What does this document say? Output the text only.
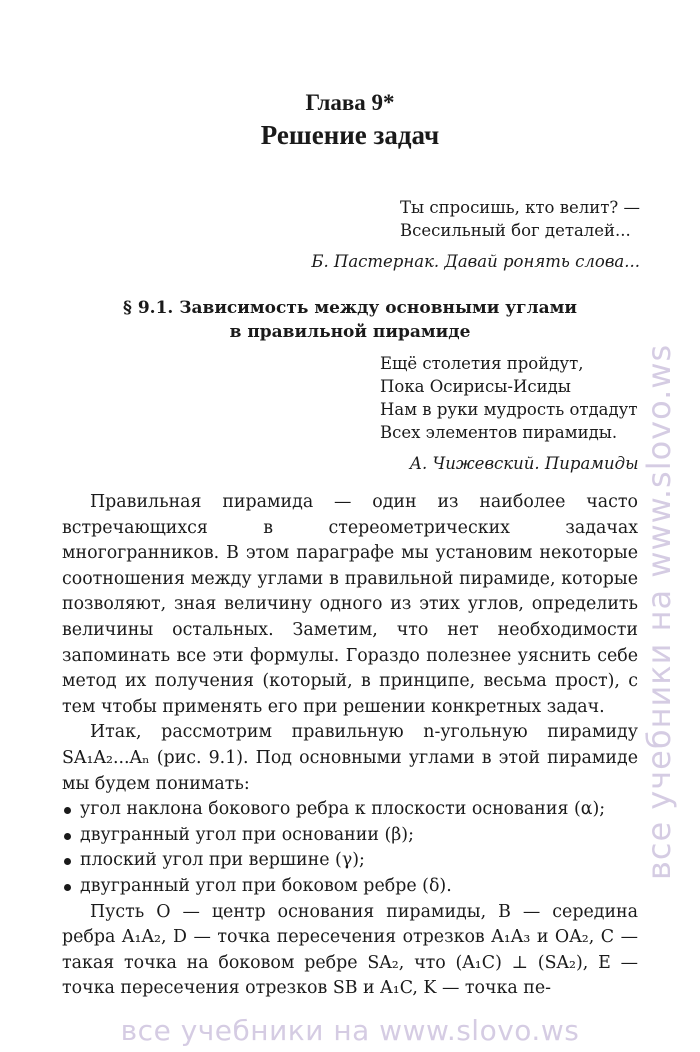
Глава 9*
Решение задач
Ты спросишь, кто велит? —
Всесильный бог деталей...
Б. Пастернак. Давай ронять слова...
§ 9.1. Зависимость между основными углами
в правильной пирамиде
Ещё столетия пройдут,
Пока Осирисы-Исиды
Нам в руки мудрость отдадут
Всех элементов пирамиды.
А. Чижевский. Пирамиды

Правильная пирамида — один из наиболее часто встречающихся в стереометрических задачах многогранников. В этом параграфе мы установим некоторые соотношения между углами в правильной пирамиде, которые позволяют, зная величину одного из этих углов, определить величины остальных. Заметим, что нет необходимости запоминать все эти формулы. Гораздо полезнее уяснить себе метод их получения (который, в принципе, весьма прост), с тем чтобы применять его при решении конкретных задач.

Итак, рассмотрим правильную n-угольную пирамиду SA₁A₂...Aₙ (рис. 9.1). Под основными углами в этой пирамиде мы будем понимать:

угол наклона бокового ребра к плоскости основания (α);
двугранный угол при основании (β);
плоский угол при вершине (γ);
двугранный угол при боковом ребре (δ).

Пусть O — центр основания пирамиды, B — середина ребра A₁A₂, D — точка пересечения отрезков A₁A₃ и OA₂, C — такая точка на боковом ребре SA₂, что (A₁C) ⊥ (SA₂), E — точка пересечения отрезков SB и A₁C, K — точка пе-

все учебники на www.slovo.ws
все учебники на www.slovo.ws
